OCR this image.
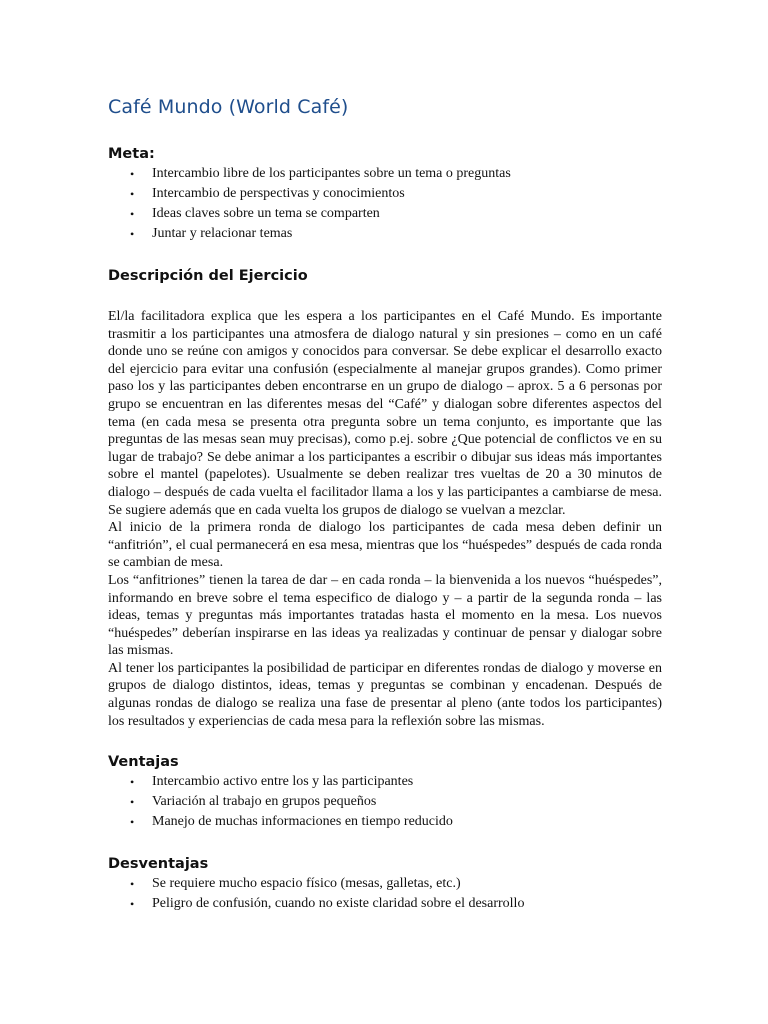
Café Mundo (World Café)
Meta:
• Intercambio libre de los participantes sobre un tema o preguntas
• Intercambio de perspectivas y conocimientos
• Ideas claves sobre un tema se comparten
• Juntar y relacionar temas
Descripción del Ejercicio

El/la facilitadora explica que les espera a los participantes en el Café Mundo. Es importante trasmitir a los participantes una atmosfera de dialogo natural y sin presiones – como en un café donde uno se reúne con amigos y conocidos para conversar. Se debe explicar el desarrollo exacto del ejercicio para evitar una confusión (especialmente al manejar grupos grandes). Como primer paso los y las participantes deben encontrarse en un grupo de dialogo – aprox. 5 a 6 personas por grupo se encuentran en las diferentes mesas del “Café” y dialogan sobre diferentes aspectos del tema (en cada mesa se presenta otra pregunta sobre un tema conjunto, es importante que las preguntas de las mesas sean muy precisas), como p.ej. sobre ¿Que potencial de conflictos ve en su lugar de trabajo? Se debe animar a los participantes a escribir o dibujar sus ideas más importantes sobre el mantel (papelotes). Usualmente se deben realizar tres vueltas de 20 a 30 minutos de dialogo – después de cada vuelta el facilitador llama a los y las participantes a cambiarse de mesa. Se sugiere además que en cada vuelta los grupos de dialogo se vuelvan a mezclar.

Al inicio de la primera ronda de dialogo los participantes de cada mesa deben definir un “anfitrión”, el cual permanecerá en esa mesa, mientras que los “huéspedes” después de cada ronda se cambian de mesa.

Los “anfitriones” tienen la tarea de dar – en cada ronda – la bienvenida a los nuevos “huéspedes”, informando en breve sobre el tema especifico de dialogo y – a partir de la segunda ronda – las ideas, temas y preguntas más importantes tratadas hasta el momento en la mesa. Los nuevos “huéspedes” deberían inspirarse en las ideas ya realizadas y continuar de pensar y dialogar sobre las mismas.

Al tener los participantes la posibilidad de participar en diferentes rondas de dialogo y moverse en grupos de dialogo distintos, ideas, temas y preguntas se combinan y encadenan. Después de algunas rondas de dialogo se realiza una fase de presentar al pleno (ante todos los participantes) los resultados y experiencias de cada mesa para la reflexión sobre las mismas.

Ventajas
• Intercambio activo entre los y las participantes
• Variación al trabajo en grupos pequeños
• Manejo de muchas informaciones en tiempo reducido
Desventajas
• Se requiere mucho espacio físico (mesas, galletas, etc.)
• Peligro de confusión, cuando no existe claridad sobre el desarrollo
